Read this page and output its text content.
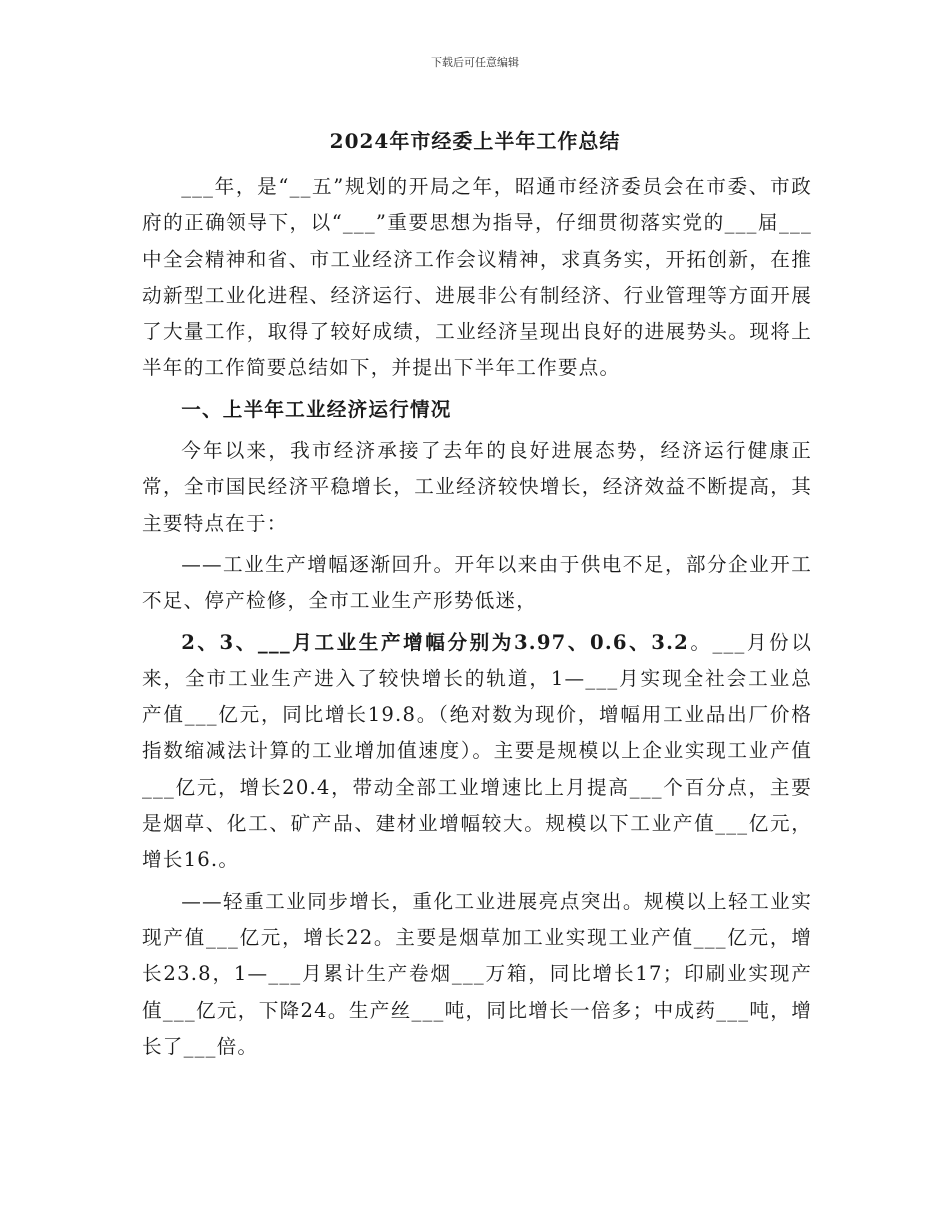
下载后可任意编辑
2024年市经委上半年工作总结

___年，是“__五”规划的开局之年，昭通市经济委员会在市委、市政府的正确领导下，以“___”重要思想为指导，仔细贯彻落实党的___届___中全会精神和省、市工业经济工作会议精神，求真务实，开拓创新，在推动新型工业化进程、经济运行、进展非公有制经济、行业管理等方面开展了大量工作，取得了较好成绩，工业经济呈现出良好的进展势头。现将上半年的工作简要总结如下，并提出下半年工作要点。

一、上半年工业经济运行情况

今年以来，我市经济承接了去年的良好进展态势，经济运行健康正常，全市国民经济平稳增长，工业经济较快增长，经济效益不断提高，其主要特点在于：

——工业生产增幅逐渐回升。开年以来由于供电不足，部分企业开工不足、停产检修，全市工业生产形势低迷，

2、3、___月工业生产增幅分别为3.97、0.6、3.2。___月份以来，全市工业生产进入了较快增长的轨道，1—___月实现全社会工业总产值___亿元，同比增长19.8。（绝对数为现价，增幅用工业品出厂价格指数缩减法计算的工业增加值速度）。主要是规模以上企业实现工业产值___亿元，增长20.4，带动全部工业增速比上月提高___个百分点，主要是烟草、化工、矿产品、建材业增幅较大。规模以下工业产值___亿元，增长16.。

——轻重工业同步增长，重化工业进展亮点突出。规模以上轻工业实现产值___亿元，增长22。主要是烟草加工业实现工业产值___亿元，增长23.8，1—___月累计生产卷烟___万箱，同比增长17；印刷业实现产值___亿元，下降24。生产丝___吨，同比增长一倍多；中成药___吨，增长了___倍。
